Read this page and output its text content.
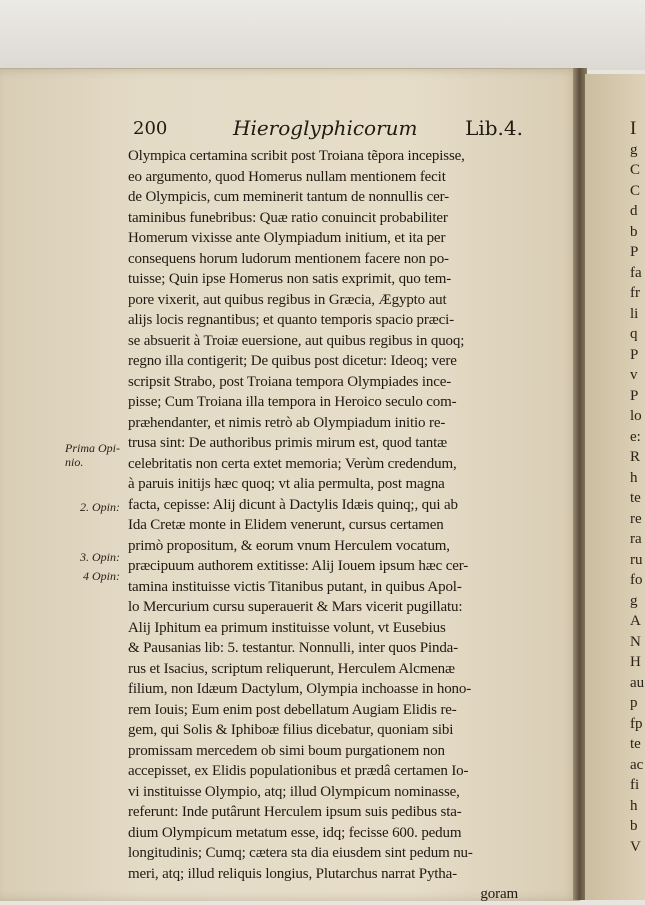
200	Hieroglyphicorum Lib.4.
Prima Opi-
nio.
2. Opin:
3. Opin:
4 Opin:
Olympica certamina scribit post Troiana tẽpora incepisse,
eo argumento, quod Homerus nullam mentionem fecit
de Olympicis, cum meminerit tantum de nonnullis cer-
taminibus funebribus: Quæ ratio conuincit probabiliter
Homerum vixisse ante Olympiadum initium, et ita per
consequens horum ludorum mentionem facere non po-
tuisse; Quin ipse Homerus non satis exprimit, quo tem-
pore vixerit, aut quibus regibus in Græcia, Ægypto aut
alijs locis regnantibus; et quanto temporis spacio præci-
se absuerit à Troiæ euersione, aut quibus regibus in quoq;
regno illa contigerit; De quibus post dicetur: Ideoq; vere
scripsit Strabo, post Troiana tempora Olympiades ince-
pisse; Cum Troiana illa tempora in Heroico seculo com-
præhendanter, et nimis retrò ab Olympiadum initio re-
trusa sint: De authoribus primis mirum est, quod tantæ
celebritatis non certa extet memoria; Verùm credendum,
à paruis initijs hæc quoq; vt alia permulta, post magna
facta, cepisse: Alij dicunt à Dactylis Idæis quinq;, qui ab
Ida Cretæ monte in Elidem venerunt, cursus certamen
primò propositum, & eorum vnum Herculem vocatum,
præcipuum authorem extitisse: Alij Iouem ipsum hæc cer-
tamina instituisse victis Titanibus putant, in quibus Apol-
lo Mercurium cursu superauerit & Mars vicerit pugillatu:
Alij Iphitum ea primum instituisse volunt, vt Eusebius
& Pausanias lib: 5. testantur. Nonnulli, inter quos Pinda-
rus et Isacius, scriptum reliquerunt, Herculem Alcmenæ
filium, non Idæum Dactylum, Olympia inchoasse in hono-
rem Iouis; Eum enim post debellatum Augiam Elidis re-
gem, qui Solis & Iphiboæ filius dicebatur, quoniam sibi
promissam mercedem ob simi boum purgationem non
accepisset, ex Elidis populationibus et prædâ certamen Io-
vi instituisse Olympio, atq; illud Olympicum nominasse,
referunt: Inde putârunt Herculem ipsum suis pedibus sta-
dium Olympicum metatum esse, idq; fecisse 600. pedum
longitudinis; Cumq; cætera sta dia eiusdem sint pedum nu-
meri, atq; illud reliquis longius, Plutarchus narrat Pytha-
goram
I
g
C
C
d
b
P
fa
fr
li
q
P
v
P
lo
e:
R
h
te
re
ra
ru
fo
g
A
N
H
au
p
fp
te
ac
fi
h
b
V
